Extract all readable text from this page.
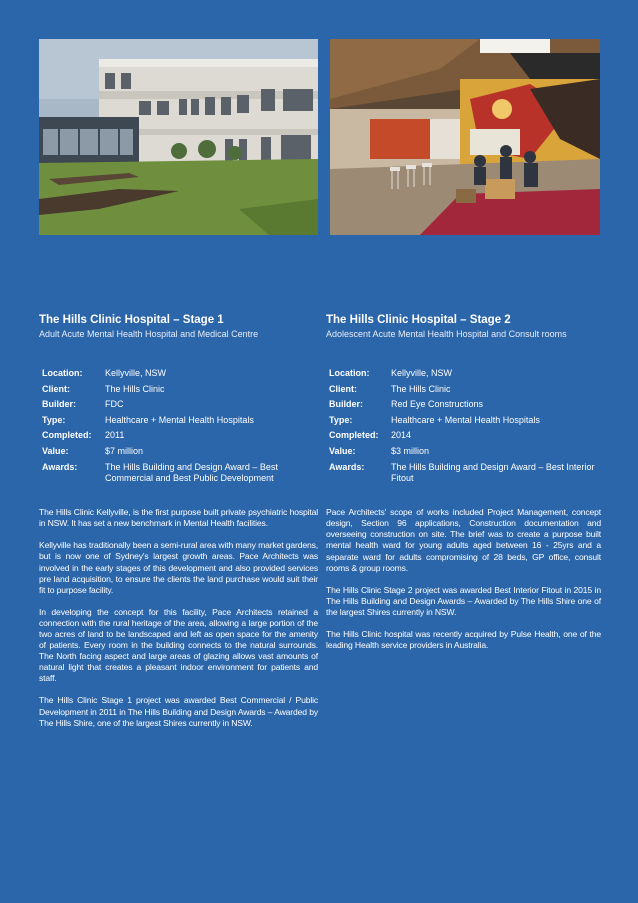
The Hills Clinic Hospital – Stage 1

Adult Acute Mental Health Hospital and Medical Centre

Location:	Kellyville, NSW
Client:	The Hills Clinic
Builder:	FDC
Type:	Healthcare + Mental Health Hospitals
Completed:	2011
Value:	$7 million
Awards:	The Hills Building and Design Award – Best Commercial and Best Public Development

The Hills Clinic Kellyville, is the first purpose built private psychiatric hospital in NSW. It has set a new benchmark in Mental Health facilities.

Kellyville has traditionally been a semi-rural area with many market gardens, but is now one of Sydney's largest growth areas. Pace Architects was involved in the early stages of this development and also provided services pre land acquisition, to ensure the clients the land purchase would suit their fit to purpose facility.

In developing the concept for this facility, Pace Architects retained a connection with the rural heritage of the area, allowing a large portion of the two acres of land to be landscaped and left as open space for the amenity of patients. Every room in the building connects to the natural surrounds. The North facing aspect and large areas of glazing allows vast amounts of natural light that creates a pleasant indoor environment for patients and staff.

The Hills Clinic Stage 1 project was awarded Best Commercial / Public Development in 2011 in The Hills Building and Design Awards – Awarded by The Hills Shire, one of the largest Shires currently in NSW.

The Hills Clinic Hospital – Stage 2

Adolescent Acute Mental Health Hospital and Consult rooms

Location:	Kellyville, NSW
Client:	The Hills Clinic
Builder:	Red Eye Constructions
Type:	Healthcare + Mental Health Hospitals
Completed:	2014
Value:	$3 million
Awards:	The Hills Building and Design Award – Best Interior Fitout

Pace Architects' scope of works included Project Management, concept design, Section 96 applications, Construction documentation and overseeing construction on site. The brief was to create a purpose built mental health ward for young adults aged between 16 - 25yrs and a separate ward for adults compromising of 28 beds, GP office, consult rooms & group rooms.

The Hills Clinic Stage 2 project was awarded Best Interior Fitout in 2015 in The Hills Building and Design Awards – Awarded by The Hills Shire one of the largest Shires currently in NSW.

The Hills Clinic hospital was recently acquired by Pulse Health, one of the leading Health service providers in Australia.
